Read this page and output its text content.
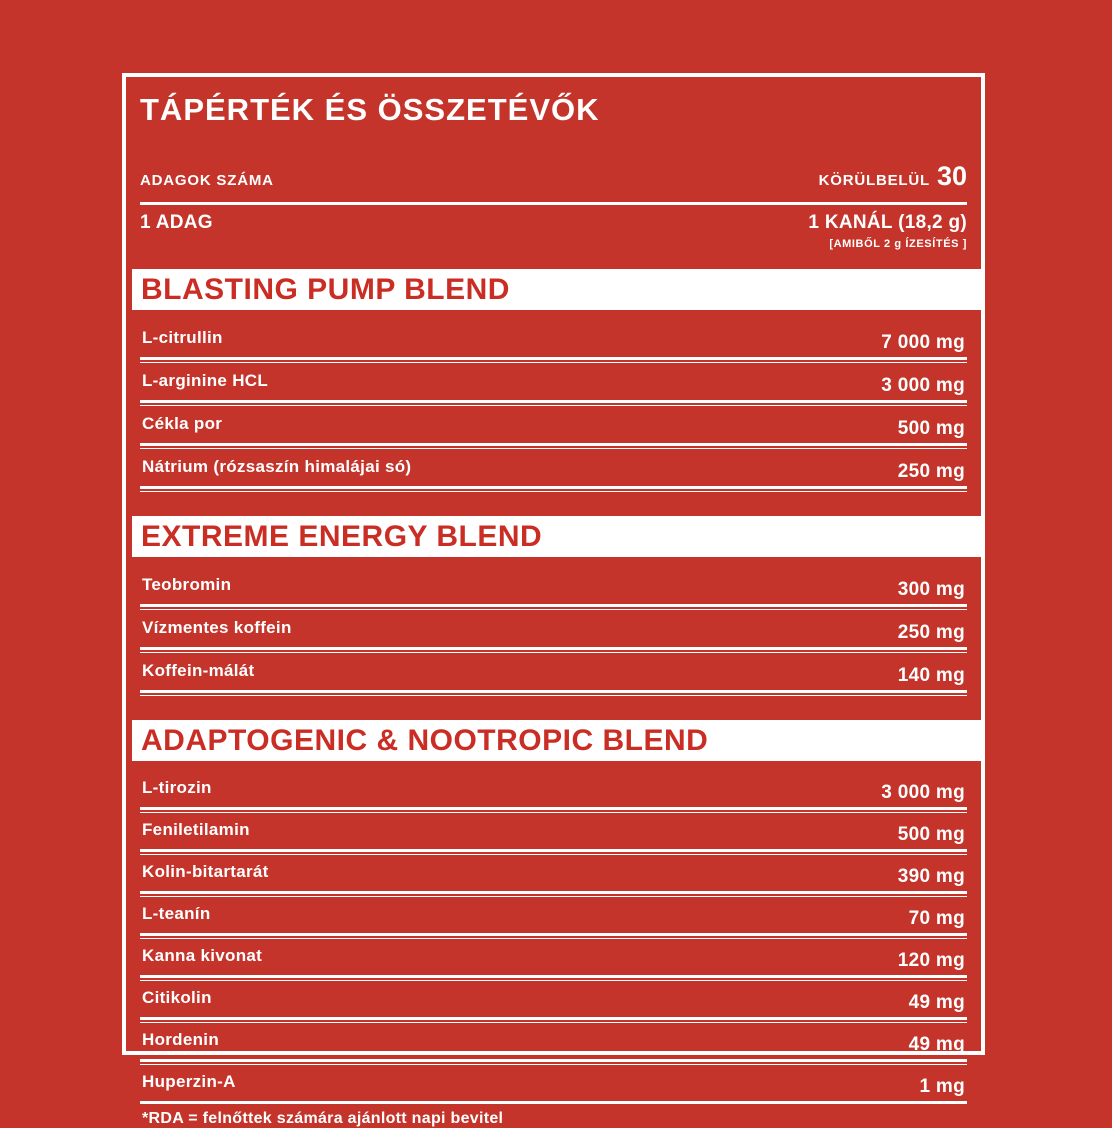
TÁPÉRTÉK ÉS ÖSSZETÉVŐK
ADAGOK SZÁMA	KÖRÜLBELÜL 30
1 ADAG	1 KANÁL (18,2 g)
[AMIBŐL 2 g ÍZESÍTÉS ]
BLASTING PUMP BLEND
L-citrullin	7 000 mg
L-arginine HCL	3 000 mg
Cékla por	500 mg
Nátrium (rózsaszín himalájai só)	250 mg
EXTREME ENERGY BLEND
Teobromin	300 mg
Vízmentes koffein	250 mg
Koffein-málát	140 mg
ADAPTOGENIC & NOOTROPIC BLEND
L-tirozin	3 000 mg
Feniletilamin	500 mg
Kolin-bitartarát	390 mg
L-teanín	70 mg
Kanna kivonat	120 mg
Citikolin	49 mg
Hordenin	49 mg
Huperzin-A	1 mg
*RDA = felnőttek számára ajánlott napi bevitel
